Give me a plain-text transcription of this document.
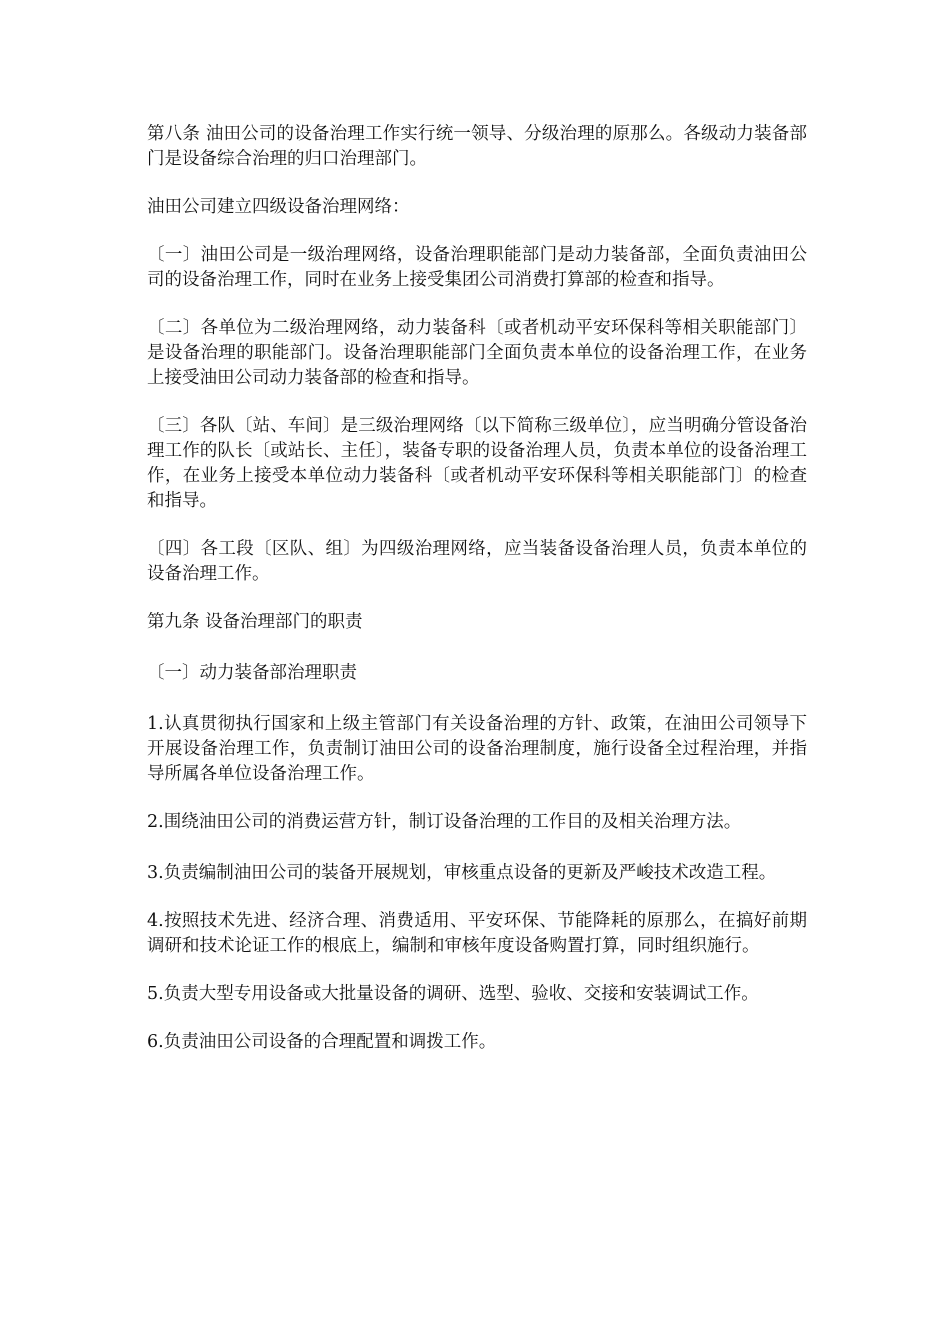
第八条 油田公司的设备治理工作实行统一领导、分级治理的原那么。各级动力装备部门是设备综合治理的归口治理部门。

油田公司建立四级设备治理网络：

〔一〕油田公司是一级治理网络，设备治理职能部门是动力装备部，全面负责油田公司的设备治理工作，同时在业务上接受集团公司消费打算部的检查和指导。

〔二〕各单位为二级治理网络，动力装备科〔或者机动平安环保科等相关职能部门〕是设备治理的职能部门。设备治理职能部门全面负责本单位的设备治理工作，在业务上接受油田公司动力装备部的检查和指导。

〔三〕各队〔站、车间〕是三级治理网络〔以下简称三级单位〕，应当明确分管设备治理工作的队长〔或站长、主任〕，装备专职的设备治理人员，负责本单位的设备治理工作，在业务上接受本单位动力装备科〔或者机动平安环保科等相关职能部门〕的检查和指导。

〔四〕各工段〔区队、组〕为四级治理网络，应当装备设备治理人员，负责本单位的设备治理工作。

第九条 设备治理部门的职责

〔一〕动力装备部治理职责

1.认真贯彻执行国家和上级主管部门有关设备治理的方针、政策，在油田公司领导下开展设备治理工作，负责制订油田公司的设备治理制度，施行设备全过程治理，并指导所属各单位设备治理工作。

2.围绕油田公司的消费运营方针，制订设备治理的工作目的及相关治理方法。

3.负责编制油田公司的装备开展规划，审核重点设备的更新及严峻技术改造工程。

4.按照技术先进、经济合理、消费适用、平安环保、节能降耗的原那么，在搞好前期调研和技术论证工作的根底上，编制和审核年度设备购置打算，同时组织施行。

5.负责大型专用设备或大批量设备的调研、选型、验收、交接和安装调试工作。

6.负责油田公司设备的合理配置和调拨工作。
